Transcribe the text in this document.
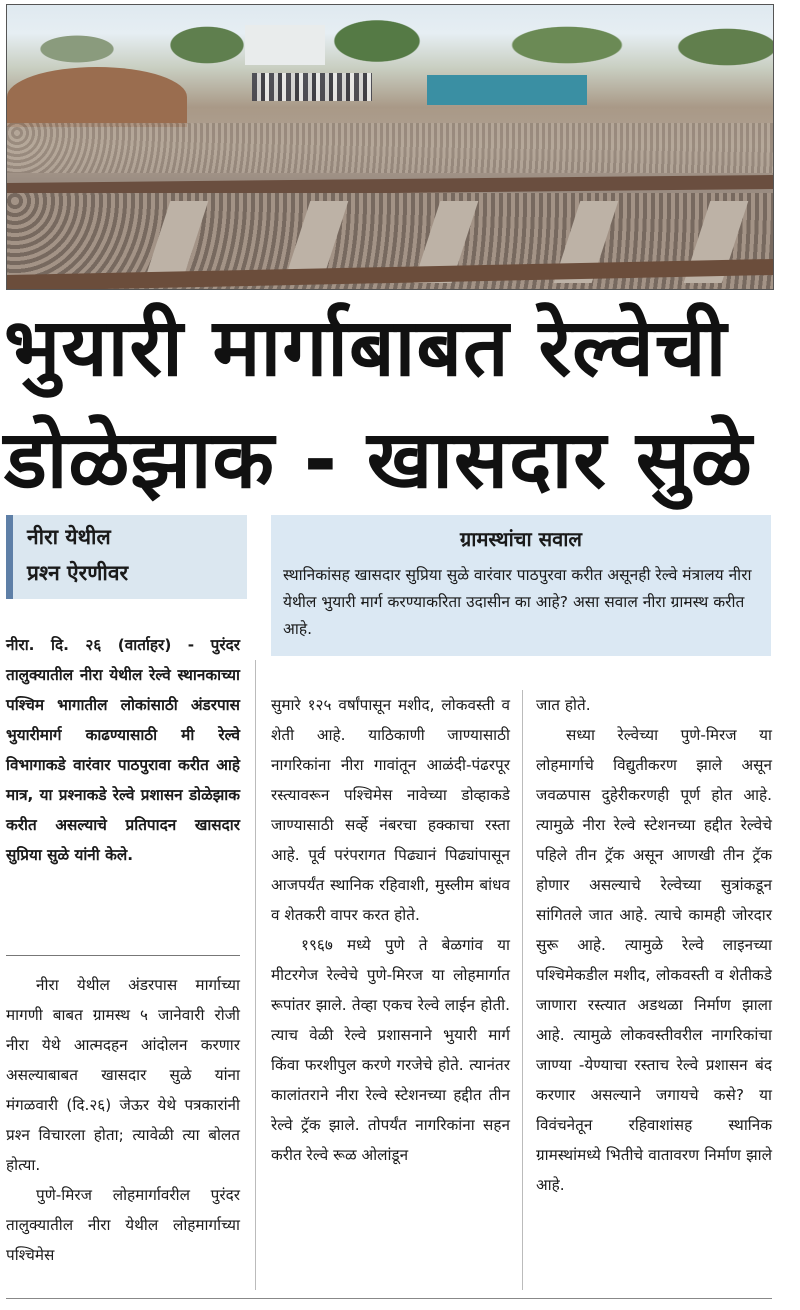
भुयारी मार्गाबाबत रेल्वेची
डोळेझाक - खासदार सुळे
नीरा येथील
प्रश्‍न ऐरणीवर
ग्रामस्थांचा सवाल
स्थानिकांसह खासदार सुप्रिया सुळे वारंवार पाठपुरवा करीत असूनही रेल्वे मंत्रालय नीरा येथील भुयारी मार्ग करण्याकरिता उदासीन का आहे? असा सवाल नीरा ग्रामस्थ करीत आहे.

नीरा. दि. २६ (वार्ताहर) - पुरंदर तालुक्यातील नीरा येथील रेल्वे स्थानकाच्या पश्‍चिम भागातील लोकांसाठी अंडरपास भुयारीमार्ग काढण्यासाठी मी रेल्वे विभागाकडे वारंवार पाठपुरावा करीत आहे मात्र, या प्रश्‍नाकडे रेल्वे प्रशासन डोळेझाक करीत असल्याचे प्रतिपादन खासदार सुप्रिया सुळे यांनी केले.

नीरा येथील अंडरपास मार्गाच्या मागणी बाबत ग्रामस्थ ५ जानेवारी रोजी नीरा येथे आत्मदहन आंदोलन करणार असल्याबाबत खासदार सुळे यांना मंगळवारी (दि.२६) जेऊर येथे पत्रकारांनी प्रश्‍न विचारला होता; त्यावेळी त्या बोलत होत्या.

पुणे-मिरज लोहमार्गावरील पुरंदर तालुक्यातील नीरा येथील लोहमार्गाच्या पश्‍चिमेस

सुमारे १२५ वर्षांपासून मशीद, लोकवस्ती व शेती आहे. याठिकाणी जाण्यासाठी नागरिकांना नीरा गावांतून आळंदी-पंढरपूर रस्त्यावरून पश्‍चिमेस नावेच्या डोव्हाकडे जाण्यासाठी सर्व्हे नंबरचा हक्काचा रस्ता आहे. पूर्व परंपरागत पिढ्यानं पिढ्यांपासून आजपर्यंत स्थानिक रहिवाशी, मुस्लीम बांधव व शेतकरी वापर करत होते.

१९६७ मध्ये पुणे ते बेळगांव या मीटरगेज रेल्वेचे पुणे-मिरज या लोहमार्गात रूपांतर झाले. तेव्हा एकच रेल्वे लाईन होती. त्याच वेळी रेल्वे प्रशासनाने भुयारी मार्ग किंवा फरशीपुल करणे गरजेचे होते. त्यानंतर कालांतराने नीरा रेल्वे स्टेशनच्या हद्दीत तीन रेल्वे ट्रॅक झाले. तोपर्यंत नागरिकांना सहन करीत रेल्वे रूळ ओलांडून

जात होते.

सध्या रेल्वेच्या पुणे-मिरज या लोहमार्गाचे विद्युतीकरण झाले असून जवळपास दुहेरीकरणही पूर्ण होत आहे. त्यामुळे नीरा रेल्वे स्टेशनच्या हद्दीत रेल्वेचे पहिले तीन ट्रॅक असून आणखी तीन ट्रॅक होणार असल्याचे रेल्वेच्या सुत्रांकडून सांगितले जात आहे. त्याचे कामही जोरदार सुरू आहे. त्यामुळे रेल्वे लाइनच्या पश्‍चिमेकडील मशीद, लोकवस्ती व शेतीकडे जाणारा रस्त्यात अडथळा निर्माण झाला आहे. त्यामुळे लोकवस्तीवरील नागरिकांचा जाण्या -येण्याचा रस्ताच रेल्वे प्रशासन बंद करणार असल्याने जगायचे कसे? या विवंचनेतून रहिवाशांसह स्थानिक ग्रामस्थांमध्ये भितीचे वातावरण निर्माण झाले आहे.
